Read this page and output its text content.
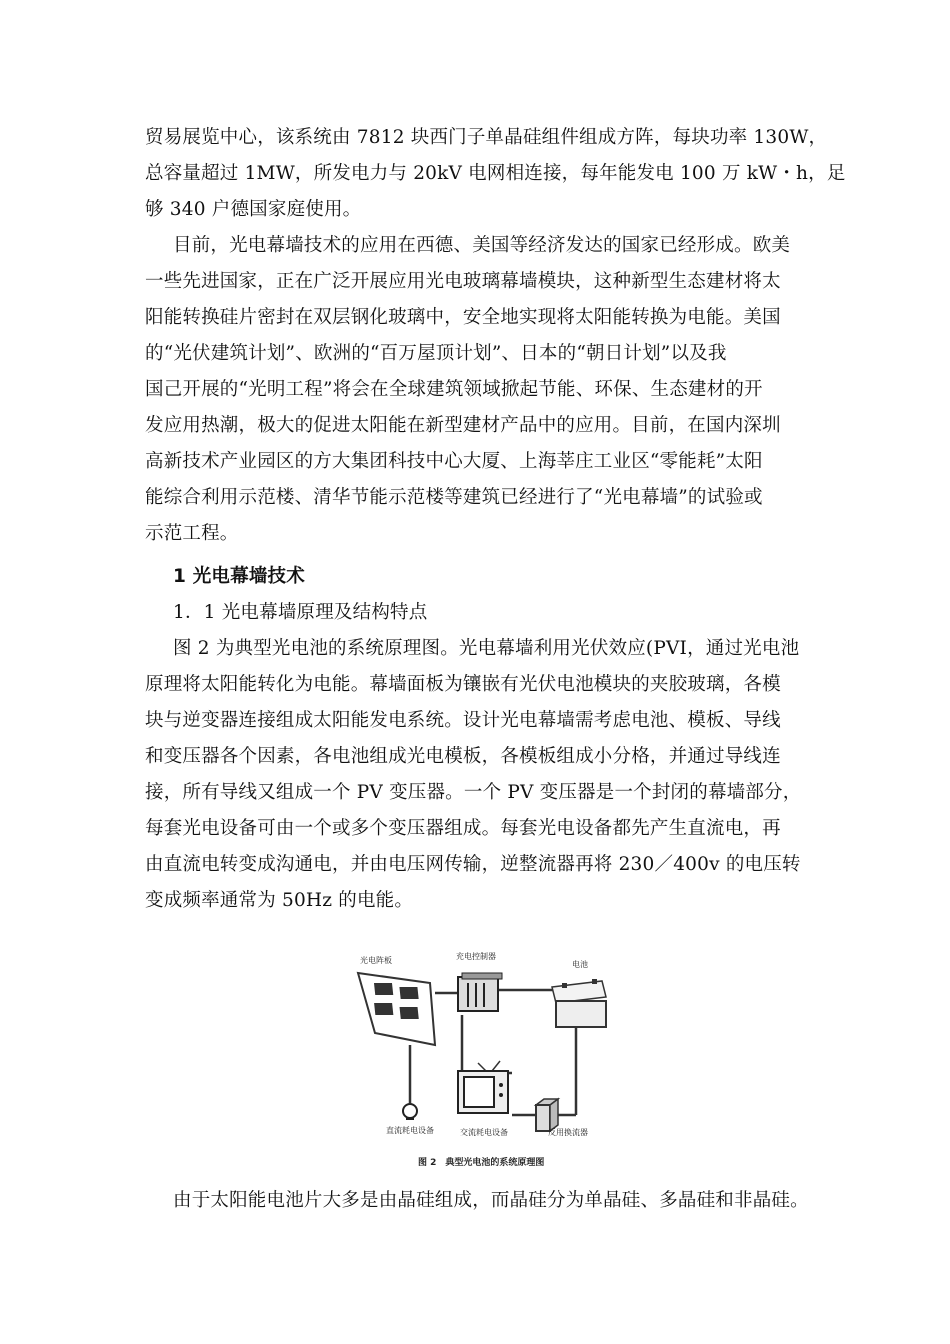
贸易展览中心，该系统由 7812 块西门子单晶硅组件组成方阵，每块功率 130W，
总容量超过 1MW，所发电力与 20kV 电网相连接，每年能发电 100 万 kW・h，足
够 340 户德国家庭使用。
目前，光电幕墙技术的应用在西德、美国等经济发达的国家已经形成。欧美
一些先进国家，正在广泛开展应用光电玻璃幕墙模块，这种新型生态建材将太
阳能转换硅片密封在双层钢化玻璃中，安全地实现将太阳能转换为电能。美国
的“光伏建筑计划”、欧洲的“百万屋顶计划”、日本的“朝日计划”以及我
国己开展的“光明工程”将会在全球建筑领域掀起节能、环保、生态建材的开
发应用热潮，极大的促进太阳能在新型建材产品中的应用。目前，在国内深圳
高新技术产业园区的方大集团科技中心大厦、上海莘庄工业区“零能耗”太阳
能综合利用示范楼、清华节能示范楼等建筑已经进行了“光电幕墙”的试验或
示范工程。
1 光电幕墙技术
1．1 光电幕墙原理及结构特点
图 2 为典型光电池的系统原理图。光电幕墙利用光伏效应(PVI，通过光电池
原理将太阳能转化为电能。幕墙面板为镶嵌有光伏电池模块的夹胶玻璃，各模
块与逆变器连接组成太阳能发电系统。设计光电幕墙需考虑电池、模板、导线
和变压器各个因素，各电池组成光电模板，各模板组成小分格，并通过导线连
接，所有导线又组成一个 PV 变压器。一个 PV 变压器是一个封闭的幕墙部分，
每套光电设备可由一个或多个变压器组成。每套光电设备都先产生直流电，再
由直流电转变成沟通电，并由电压网传输，逆整流器再将 230／400v 的电压转
变成频率通常为 50Hz 的电能。
光电阵板	充电控制器
电池
交流耗电设备	反用换流器
直流耗电设备
图 2　典型光电池的系统原理图
由于太阳能电池片大多是由晶硅组成，而晶硅分为单晶硅、多晶硅和非晶硅。
